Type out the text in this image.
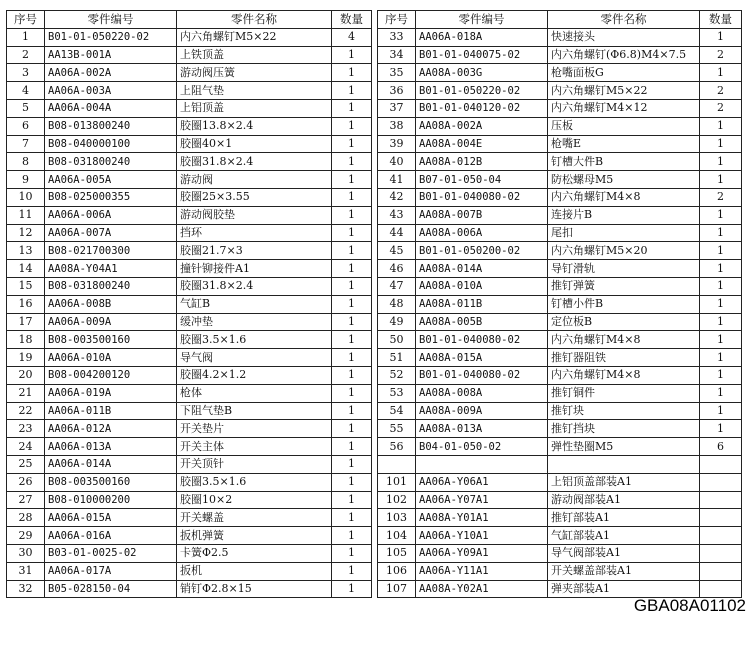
序号	零件编号	零件名称	数量
1	B01-01-050220-02	内六角螺钉M5×22	4
2	AA13B-001A	上铁顶盖	1
3	AA06A-002A	游动阀压簧	1
4	AA06A-003A	上阻气垫	1
5	AA06A-004A	上铝顶盖	1
6	B08-013800240	胶圈13.8×2.4	1
7	B08-040000100	胶圈40×1	1
8	B08-031800240	胶圈31.8×2.4	1
9	AA06A-005A	游动阀	1
10	B08-025000355	胶圈25×3.55	1
11	AA06A-006A	游动阀胶垫	1
12	AA06A-007A	挡环	1
13	B08-021700300	胶圈21.7×3	1
14	AA08A-Y04A1	撞针铆接件A1	1
15	B08-031800240	胶圈31.8×2.4	1
16	AA06A-008B	气缸B	1
17	AA06A-009A	缓冲垫	1
18	B08-003500160	胶圈3.5×1.6	1
19	AA06A-010A	导气阀	1
20	B08-004200120	胶圈4.2×1.2	1
21	AA06A-019A	枪体	1
22	AA06A-011B	下阻气垫B	1
23	AA06A-012A	开关垫片	1
24	AA06A-013A	开关主体	1
25	AA06A-014A	开关顶针	1
26	B08-003500160	胶圈3.5×1.6	1
27	B08-010000200	胶圈10×2	1
28	AA06A-015A	开关螺盖	1
29	AA06A-016A	扳机弹簧	1
30	B03-01-0025-02	卡簧Φ2.5	1
31	AA06A-017A	扳机	1
32	B05-028150-04	销钉Φ2.8×15	1
序号	零件编号	零件名称	数量
33	AA06A-018A	快速接头	1
34	B01-01-040075-02	内六角螺钉(Φ6.8)M4×7.5	2
35	AA08A-003G	枪嘴面板G	1
36	B01-01-050220-02	内六角螺钉M5×22	2
37	B01-01-040120-02	内六角螺钉M4×12	2
38	AA08A-002A	压板	1
39	AA08A-004E	枪嘴E	1
40	AA08A-012B	钉槽大件B	1
41	B07-01-050-04	防松螺母M5	1
42	B01-01-040080-02	内六角螺钉M4×8	2
43	AA08A-007B	连接片B	1
44	AA08A-006A	尾扣	1
45	B01-01-050200-02	内六角螺钉M5×20	1
46	AA08A-014A	导钉滑轨	1
47	AA08A-010A	推钉弹簧	1
48	AA08A-011B	钉槽小件B	1
49	AA08A-005B	定位板B	1
50	B01-01-040080-02	内六角螺钉M4×8	1
51	AA08A-015A	推钉器阻铁	1
52	B01-01-040080-02	内六角螺钉M4×8	1
53	AA08A-008A	推钉铜件	1
54	AA08A-009A	推钉块	1
55	AA08A-013A	推钉挡块	1
56	B04-01-050-02	弹性垫圈M5	6

101	AA06A-Y06A1	上铝顶盖部装A1	
102	AA06A-Y07A1	游动阀部装A1	
103	AA08A-Y01A1	推钉部装A1	
104	AA06A-Y10A1	气缸部装A1	
105	AA06A-Y09A1	导气阀部装A1	
106	AA06A-Y11A1	开关螺盖部装A1	
107	AA08A-Y02A1	弹夹部装A1	
GBA08A01102
